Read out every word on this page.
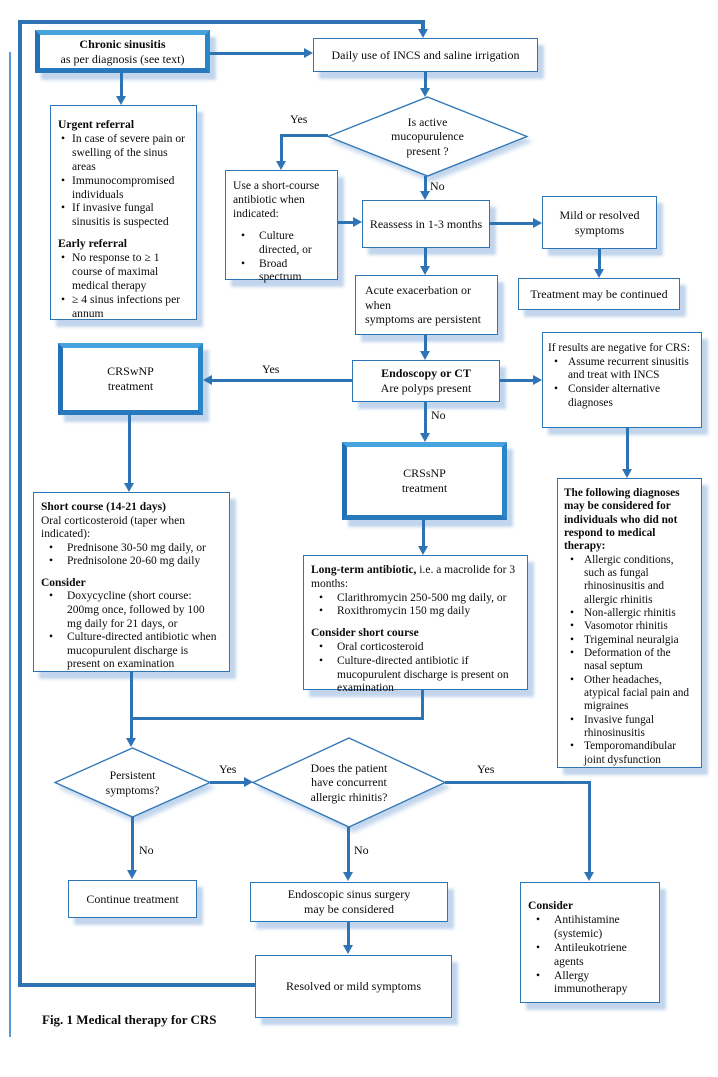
Chronic sinusitis
as per diagnosis (see text)	Daily use of INCS and saline irrigation
Is active
mucopurulence
present ?
Yes
No
Use a short-course antibiotic when indicated:
• Culture directed, or
• Broad spectrum
Reassess in 1-3 months
Mild or resolved
symptoms
Treatment may be continued
Acute exacerbation or when
symptoms are persistent
Urgent referral
• In case of severe pain or swelling of the sinus areas
• Immunocompromised individuals
• If invasive fungal sinusitis is suspected
Early referral
• No response to ≥ 1 course of maximal medical therapy
• ≥ 4 sinus infections per annum
CRSwNP
treatment
Endoscopy or CT
Are polyps present
Yes
No
If results are negative for CRS:
• Assume recurrent sinusitis and treat with INCS
• Consider alternative diagnoses
CRSsNP
treatment
Short course (14-21 days)
Oral corticosteroid (taper when indicated):
• Prednisone 30-50 mg daily, or
• Prednisolone 20-60 mg daily
Consider
• Doxycycline (short course: 200mg once, followed by 100 mg daily for 21 days, or
• Culture-directed antibiotic when mucopurulent discharge is present on examination

Long-term antibiotic, i.e. a macrolide for 3 months:

• Clarithromycin 250-500 mg daily, or
• Roxithromycin 150 mg daily
Consider short course
• Oral corticosteroid
• Culture-directed antibiotic if mucopurulent discharge is present on examination
The following diagnoses may be considered for individuals who did not respond to medical therapy:
• Allergic conditions, such as fungal rhinosinusitis and allergic rhinitis
• Non-allergic rhinitis
• Vasomotor rhinitis
• Trigeminal neuralgia
• Deformation of the nasal septum
• Other headaches, atypical facial pain and migraines
• Invasive fungal rhinosinusitis
• Temporomandibular joint dysfunction
Persistent
symptoms?
Yes
No
Does the patient
have concurrent
allergic rhinitis?
Yes
No
Continue treatment	Endoscopic sinus surgery
may be considered
Resolved or mild symptoms
Consider
• Antihistamine (systemic)
• Antileukotriene agents
• Allergy immunotherapy
Fig. 1 Medical therapy for CRS
